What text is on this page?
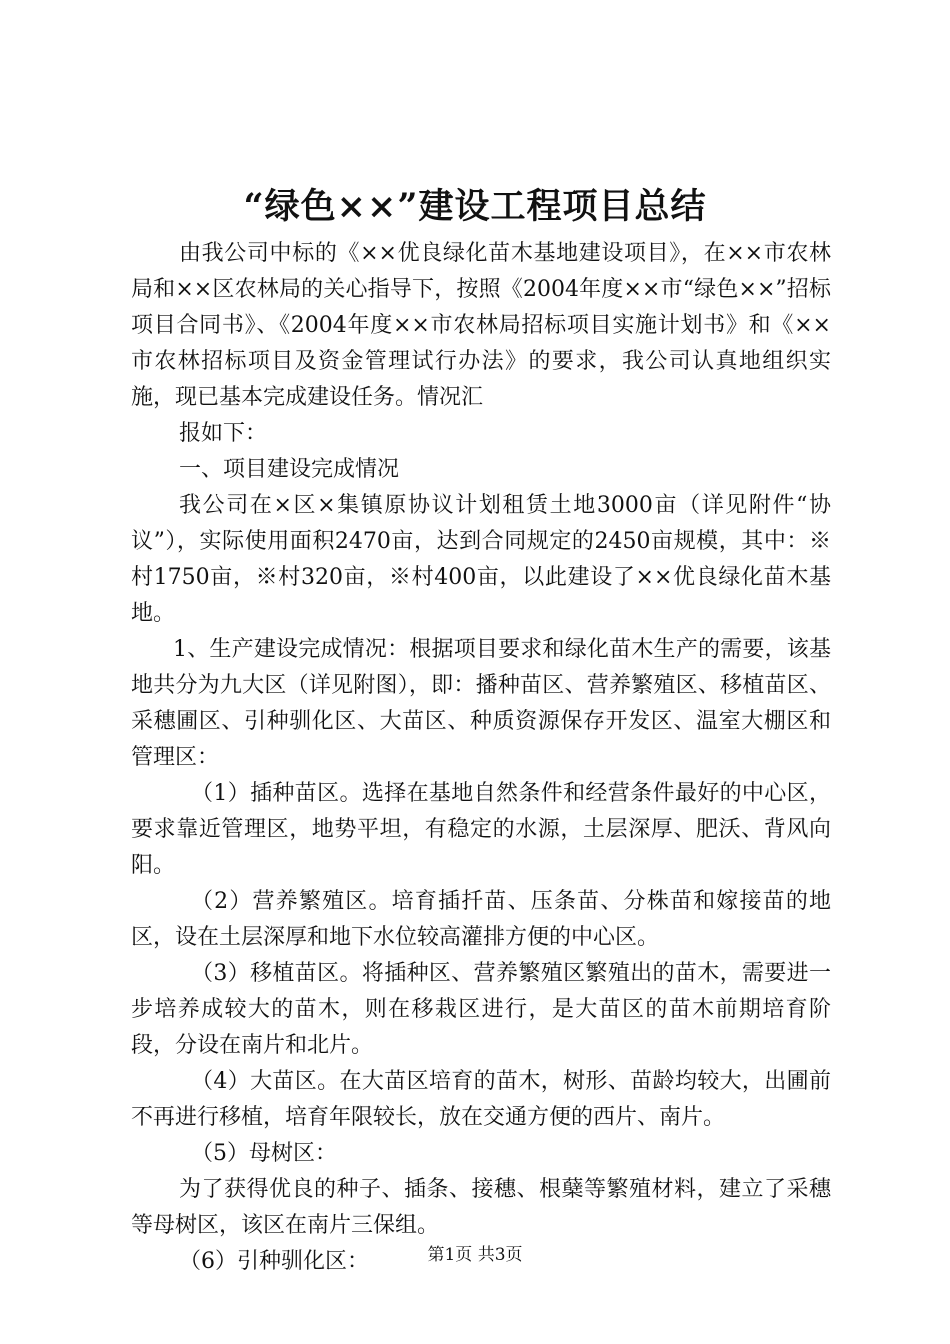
“绿色××”建设工程项目总结

由我公司中标的《××优良绿化苗木基地建设项目》，在××市农林局和××区农林局的关心指导下，按照《2004年度××市“绿色××”招标项目合同书》、《2004年度××市农林局招标项目实施计划书》和《××市农林招标项目及资金管理试行办法》的要求，我公司认真地组织实施，现已基本完成建设任务。情况汇

报如下：

一、项目建设完成情况

我公司在×区×集镇原协议计划租赁土地3000亩（详见附件“协议”），实际使用面积2470亩，达到合同规定的2450亩规模，其中：※村1750亩，※村320亩，※村400亩，以此建设了××优良绿化苗木基地。

1、生产建设完成情况：根据项目要求和绿化苗木生产的需要，该基地共分为九大区（详见附图），即：播种苗区、营养繁殖区、移植苗区、采穗圃区、引种驯化区、大苗区、种质资源保存开发区、温室大棚区和管理区：

（1）插种苗区。选择在基地自然条件和经营条件最好的中心区，要求靠近管理区，地势平坦，有稳定的水源，土层深厚、肥沃、背风向阳。

（2）营养繁殖区。培育插扦苗、压条苗、分株苗和嫁接苗的地区，设在土层深厚和地下水位较高灌排方便的中心区。

（3）移植苗区。将插种区、营养繁殖区繁殖出的苗木，需要进一步培养成较大的苗木，则在移栽区进行，是大苗区的苗木前期培育阶段，分设在南片和北片。

（4）大苗区。在大苗区培育的苗木，树形、苗龄均较大，出圃前不再进行移植，培育年限较长，放在交通方便的西片、南片。

（5）母树区：

为了获得优良的种子、插条、接穗、根蘖等繁殖材料，建立了采穗等母树区，该区在南片三保组。

（6）引种驯化区：	第1页 共3页
